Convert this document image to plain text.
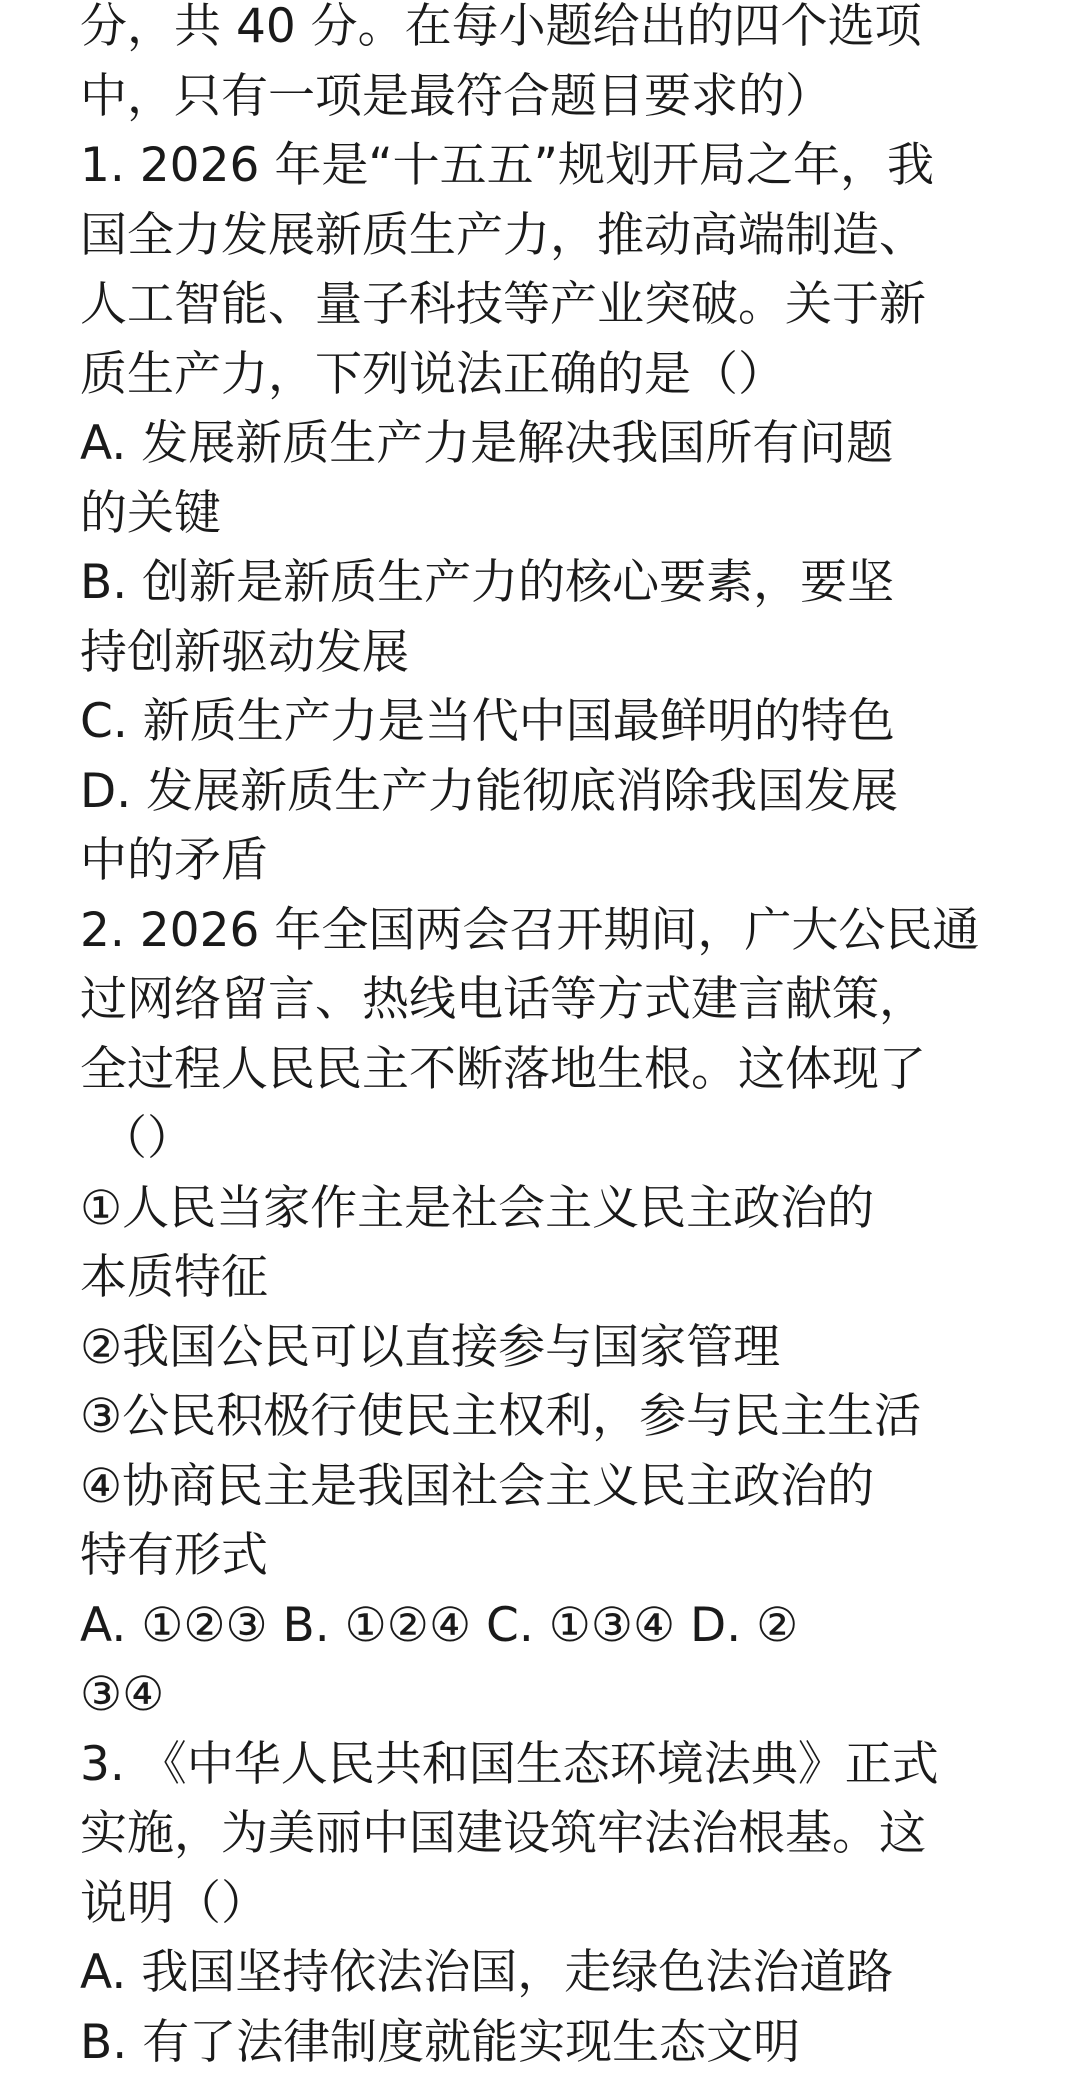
分，共 40 分。在每小题给出的四个选项
中，只有一项是最符合题目要求的）
1. 2026 年是“十五五”规划开局之年，我
国全力发展新质生产力，推动高端制造、
人工智能、量子科技等产业突破。关于新
质生产力，下列说法正确的是（）
A. 发展新质生产力是解决我国所有问题
的关键
B. 创新是新质生产力的核心要素，要坚
持创新驱动发展
C. 新质生产力是当代中国最鲜明的特色
D. 发展新质生产力能彻底消除我国发展
中的矛盾
2. 2026 年全国两会召开期间，广大公民通
过网络留言、热线电话等方式建言献策，
全过程人民民主不断落地生根。这体现了
（）
①人民当家作主是社会主义民主政治的
本质特征
②我国公民可以直接参与国家管理
③公民积极行使民主权利，参与民主生活
④协商民主是我国社会主义民主政治的
特有形式
A. ①②③ B. ①②④ C. ①③④ D. ②
③④
3. 《中华人民共和国生态环境法典》正式
实施，为美丽中国建设筑牢法治根基。这
说明（）
A. 我国坚持依法治国，走绿色法治道路
B. 有了法律制度就能实现生态文明
